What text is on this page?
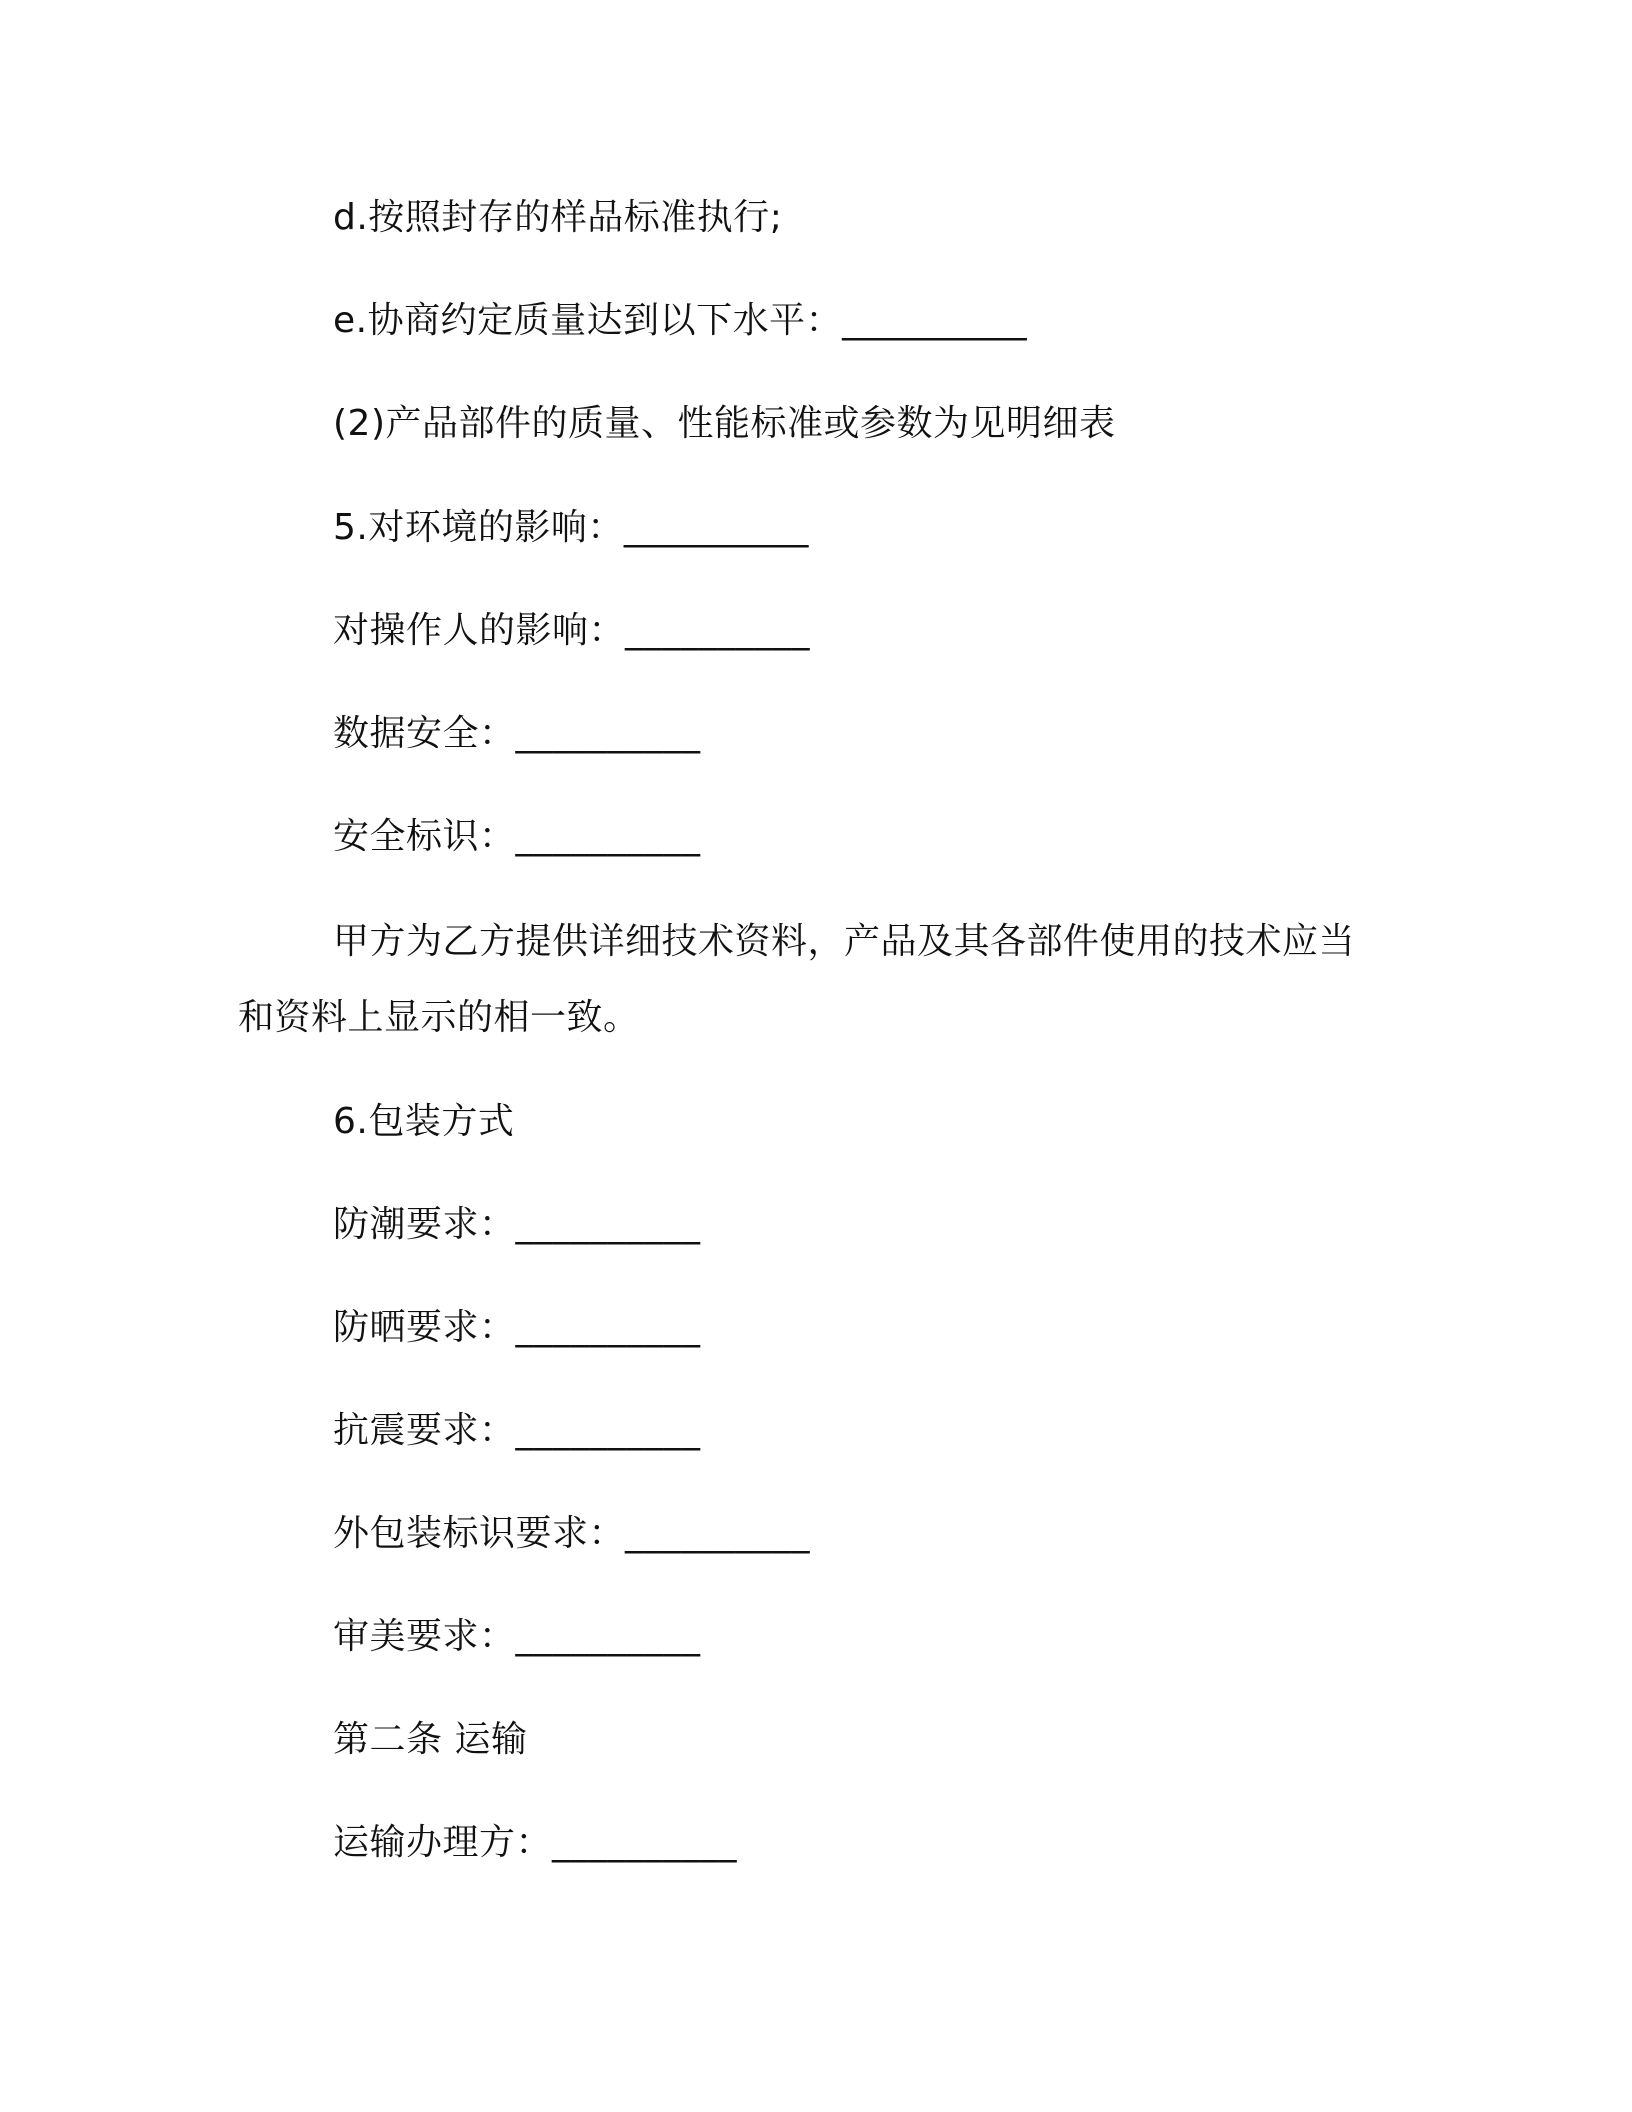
d.按照封存的样品标准执行;
e.协商约定质量达到以下水平：__________
(2)产品部件的质量、性能标准或参数为见明细表
5.对环境的影响：__________
对操作人的影响：__________
数据安全：__________
安全标识：__________
甲方为乙方提供详细技术资料，产品及其各部件使用的技术应当和资料上显示的相一致。
6.包装方式
防潮要求：__________
防晒要求：__________
抗震要求：__________
外包装标识要求：__________
审美要求：__________
第二条 运输
运输办理方：__________
